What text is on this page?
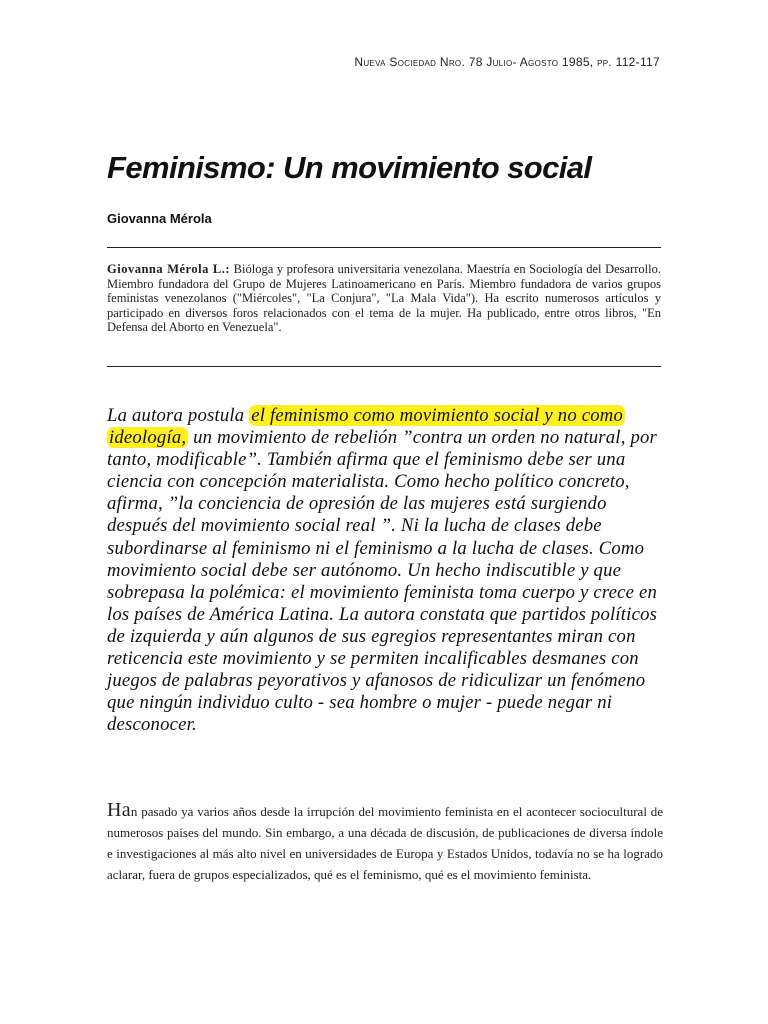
Nueva Sociedad Nro. 78 Julio- Agosto 1985, pp. 112-117
Feminismo: Un movimiento social
Giovanna Mérola

Giovanna Mérola L.: Bióloga y profesora universitaria venezolana. Maestría en Sociología del Desarrollo. Miembro fundadora del Grupo de Mujeres Latinoamericano en París. Miembro fundadora de varios grupos feministas venezolanos ("Miércoles", "La Conjura", "La Mala Vida"). Ha escrito numerosos artículos y participado en diversos foros relacionados con el tema de la mujer. Ha publicado, entre otros libros, "En Defensa del Aborto en Venezuela".

La autora postula el feminismo como movimiento social y no como ideología, un movimiento de rebelión ”contra un orden no natural, por tanto, modificable”. También afirma que el feminismo debe ser una ciencia con concepción materialista. Como hecho político concreto, afirma, ”la conciencia de opresión de las mujeres está surgiendo después del movimiento social real ”. Ni la lucha de clases debe subordinarse al feminismo ni el feminismo a la lucha de clases. Como movimiento social debe ser autónomo. Un hecho indiscutible y que sobrepasa la polémica: el movimiento feminista toma cuerpo y crece en los países de América Latina. La autora constata que partidos políticos de izquierda y aún algunos de sus egregios representantes miran con reticencia este movimiento y se permiten incalificables desmanes con juegos de palabras peyorativos y afanosos de ridiculizar un fenómeno que ningún individuo culto - sea hombre o mujer - puede negar ni desconocer.

Han pasado ya varios años desde la irrupción del movimiento feminista en el acontecer sociocultural de numerosos países del mundo. Sin embargo, a una década de discusión, de publicaciones de diversa índole e investigaciones al más alto nivel en universidades de Europa y Estados Unidos, todavía no se ha logrado aclarar, fuera de grupos especializados, qué es el feminismo, qué es el movimiento feminista.
